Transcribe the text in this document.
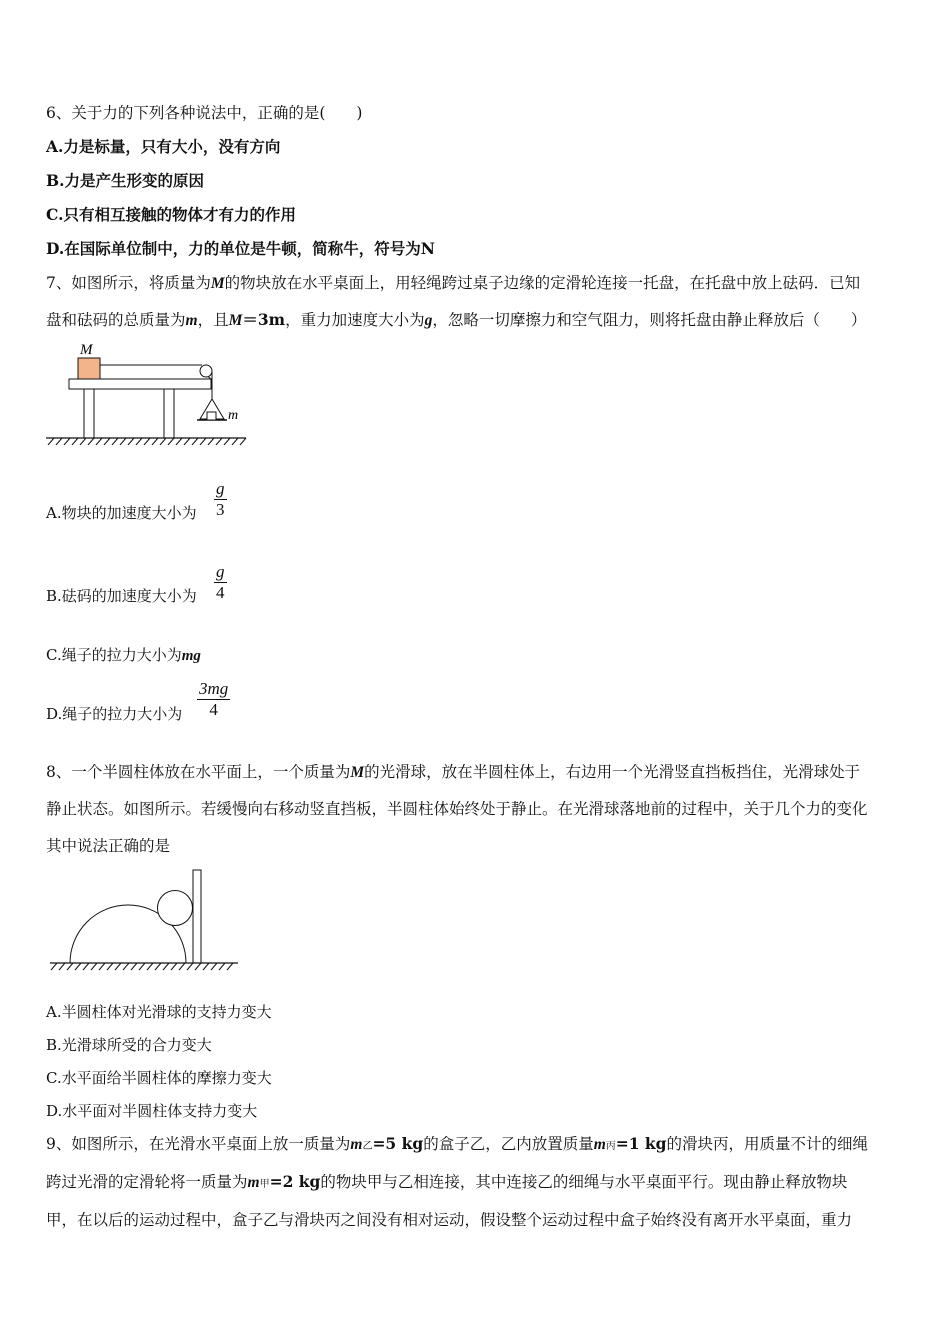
6、关于力的下列各种说法中，正确的是(　　)
A.力是标量，只有大小，没有方向
B.力是产生形变的原因
C.只有相互接触的物体才有力的作用
D.在国际单位制中，力的单位是牛顿，简称牛，符号为N
7、如图所示，将质量为M的物块放在水平桌面上，用轻绳跨过桌子边缘的定滑轮连接一托盘，在托盘中放上砝码．已知
盘和砝码的总质量为m，且M＝3m，重力加速度大小为g，忽略一切摩擦力和空气阻力，则将托盘由静止释放后（　　）
M
m
A.物块的加速度大小为 $\frac{g}{3}$
B.砝码的加速度大小为 $\frac{g}{4}$
C.绳子的拉力大小为mg
D.绳子的拉力大小为 $\frac{3mg}{4}$
8、一个半圆柱体放在水平面上，一个质量为M的光滑球，放在半圆柱体上，右边用一个光滑竖直挡板挡住，光滑球处于
静止状态。如图所示。若缓慢向右移动竖直挡板，半圆柱体始终处于静止。在光滑球落地前的过程中，关于几个力的变化
其中说法正确的是
A.半圆柱体对光滑球的支持力变大
B.光滑球所受的合力变大
C.水平面给半圆柱体的摩擦力变大
D.水平面对半圆柱体支持力变大
9、如图所示，在光滑水平桌面上放一质量为m乙=5 kg的盒子乙，乙内放置质量m丙=1 kg的滑块丙，用质量不计的细绳
跨过光滑的定滑轮将一质量为m甲=2 kg的物块甲与乙相连接，其中连接乙的细绳与水平桌面平行。现由静止释放物块
甲，在以后的运动过程中，盒子乙与滑块丙之间没有相对运动，假设整个运动过程中盒子始终没有离开水平桌面，重力
